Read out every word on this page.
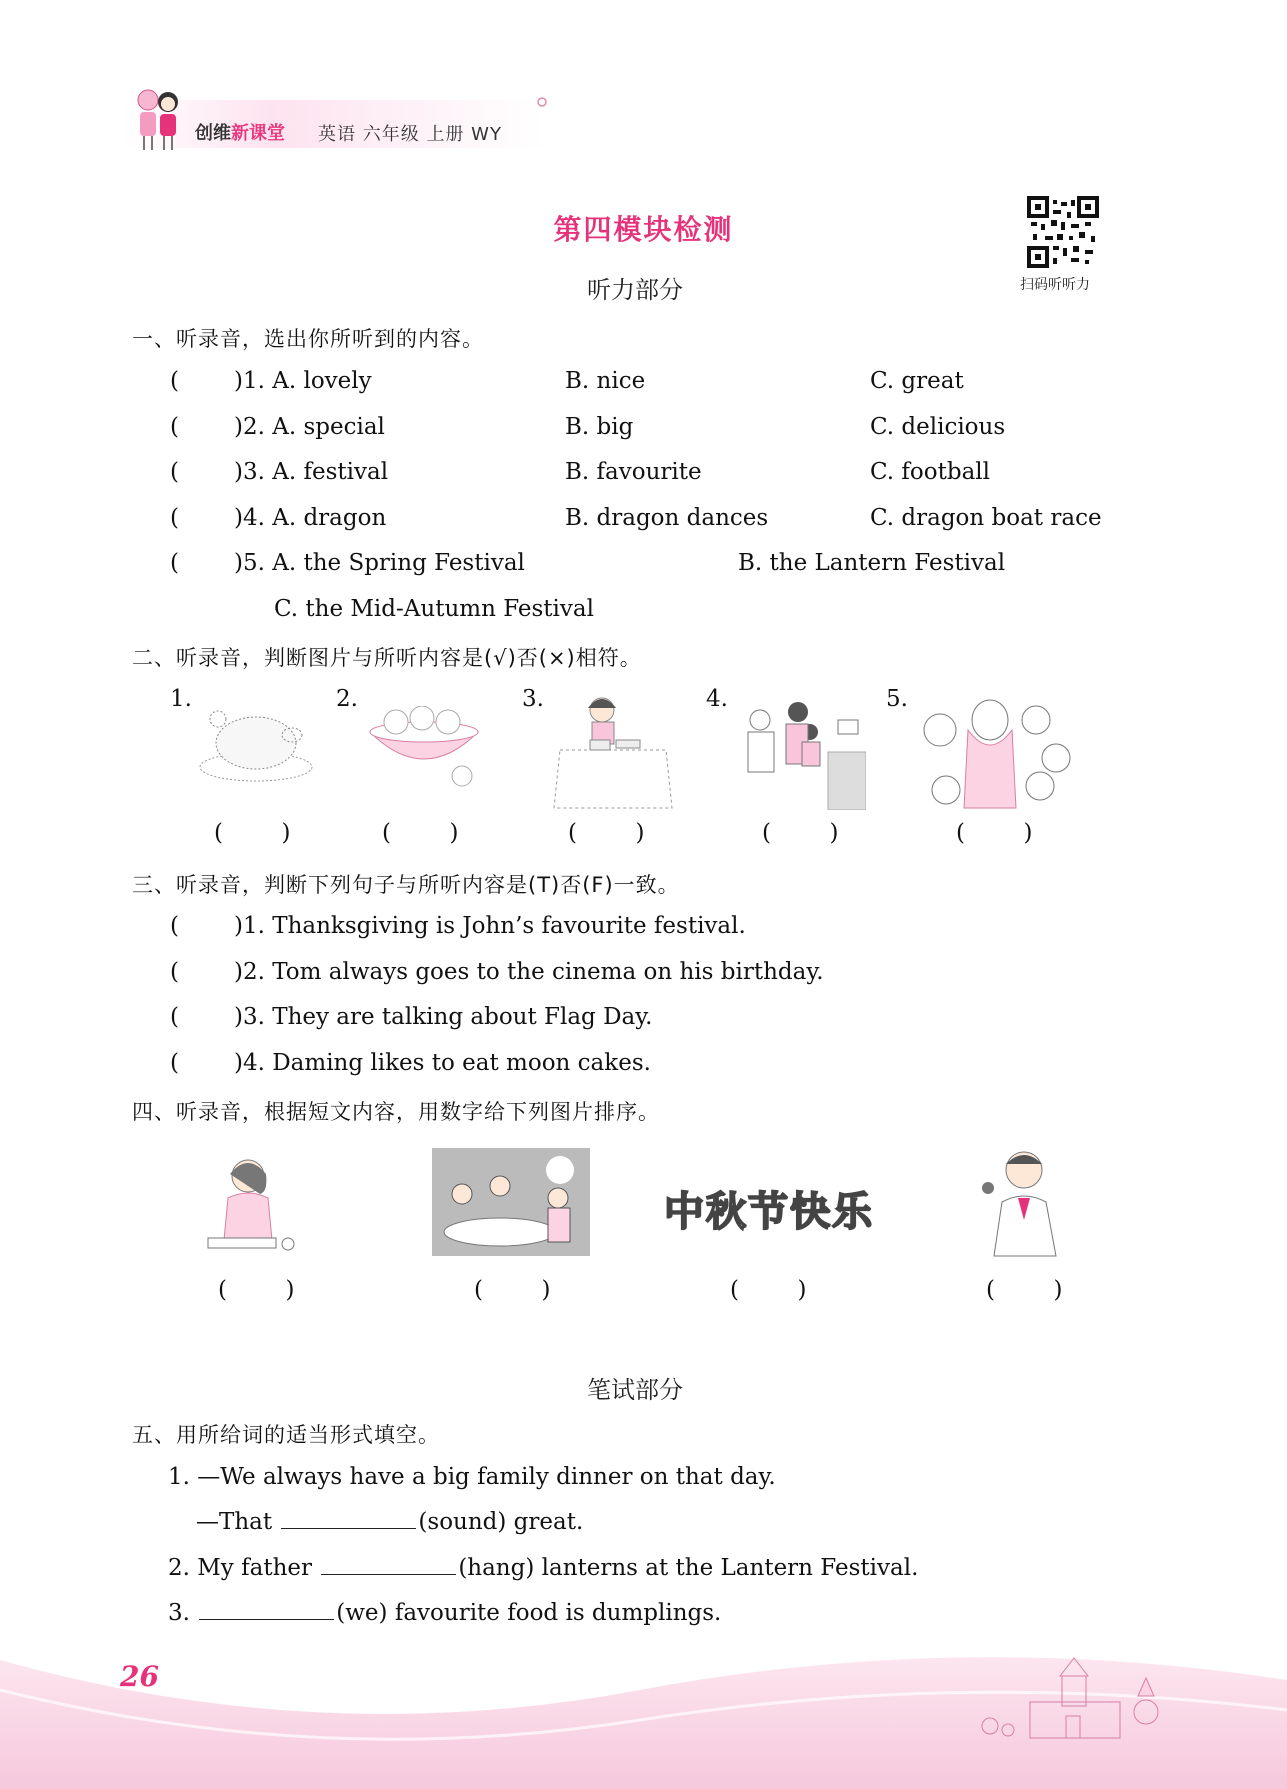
创维新课堂 英语 六年级 上册 WY
第四模块检测
听力部分	扫码听听力
一、听录音，选出你所听到的内容。
( )1. A. lovely	B. nice	C. great
( )2. A. special	B. big	C. delicious
( )3. A. festival	B. favourite	C. football
( )4. A. dragon	B. dragon dances	C. dragon boat race
( )5. A. the Spring Festival	B. the Lantern Festival
C. the Mid-Autumn Festival
二、听录音，判断图片与所听内容是(√)否(×)相符。
1.	2.	3.	4.	5.
(        )	(        )	(        )	(        )	(        )
三、听录音，判断下列句子与所听内容是(T)否(F)一致。
( )1. Thanksgiving is John’s favourite festival.
( )2. Tom always goes to the cinema on his birthday.
( )3. They are talking about Flag Day.
( )4. Daming likes to eat moon cakes.
四、听录音，根据短文内容，用数字给下列图片排序。
中秋节快乐
(        )	(        )	(        )	(        )
笔试部分
五、用所给词的适当形式填空。
1. —We always have a big family dinner on that day.
—That	(sound) great.
2. My father	(hang) lanterns at the Lantern Festival.
3.	(we) favourite food is dumplings.
26
